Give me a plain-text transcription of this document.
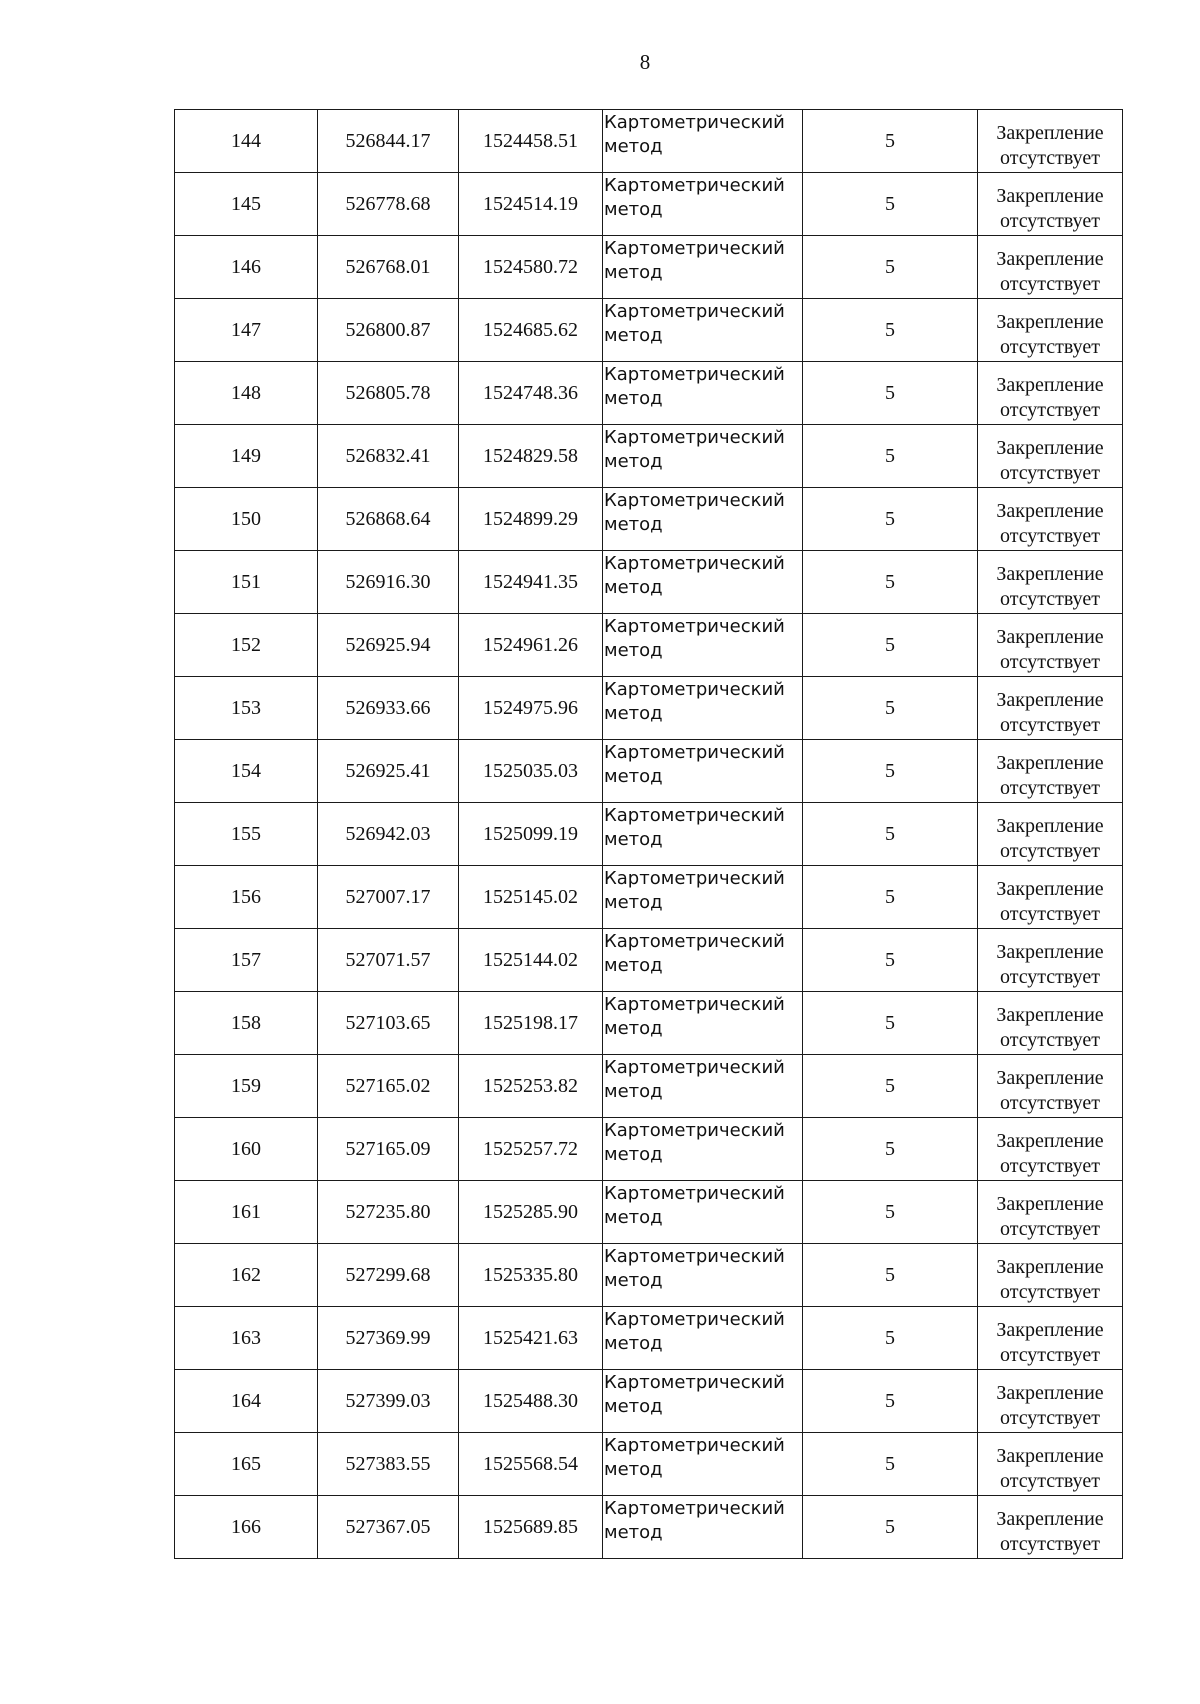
8
144	526844.17	1524458.51	Картометрический
метод	5	Закрепление
отсутствует

145	526778.68	1524514.19	Картометрический
метод	5	Закрепление
отсутствует

146	526768.01	1524580.72	Картометрический
метод	5	Закрепление
отсутствует

147	526800.87	1524685.62	Картометрический
метод	5	Закрепление
отсутствует

148	526805.78	1524748.36	Картометрический
метод	5	Закрепление
отсутствует

149	526832.41	1524829.58	Картометрический
метод	5	Закрепление
отсутствует

150	526868.64	1524899.29	Картометрический
метод	5	Закрепление
отсутствует

151	526916.30	1524941.35	Картометрический
метод	5	Закрепление
отсутствует

152	526925.94	1524961.26	Картометрический
метод	5	Закрепление
отсутствует

153	526933.66	1524975.96	Картометрический
метод	5	Закрепление
отсутствует

154	526925.41	1525035.03	Картометрический
метод	5	Закрепление
отсутствует

155	526942.03	1525099.19	Картометрический
метод	5	Закрепление
отсутствует

156	527007.17	1525145.02	Картометрический
метод	5	Закрепление
отсутствует

157	527071.57	1525144.02	Картометрический
метод	5	Закрепление
отсутствует

158	527103.65	1525198.17	Картометрический
метод	5	Закрепление
отсутствует

159	527165.02	1525253.82	Картометрический
метод	5	Закрепление
отсутствует

160	527165.09	1525257.72	Картометрический
метод	5	Закрепление
отсутствует

161	527235.80	1525285.90	Картометрический
метод	5	Закрепление
отсутствует

162	527299.68	1525335.80	Картометрический
метод	5	Закрепление
отсутствует

163	527369.99	1525421.63	Картометрический
метод	5	Закрепление
отсутствует

164	527399.03	1525488.30	Картометрический
метод	5	Закрепление
отсутствует

165	527383.55	1525568.54	Картометрический
метод	5	Закрепление
отсутствует

166	527367.05	1525689.85	Картометрический
метод	5	Закрепление
отсутствует
